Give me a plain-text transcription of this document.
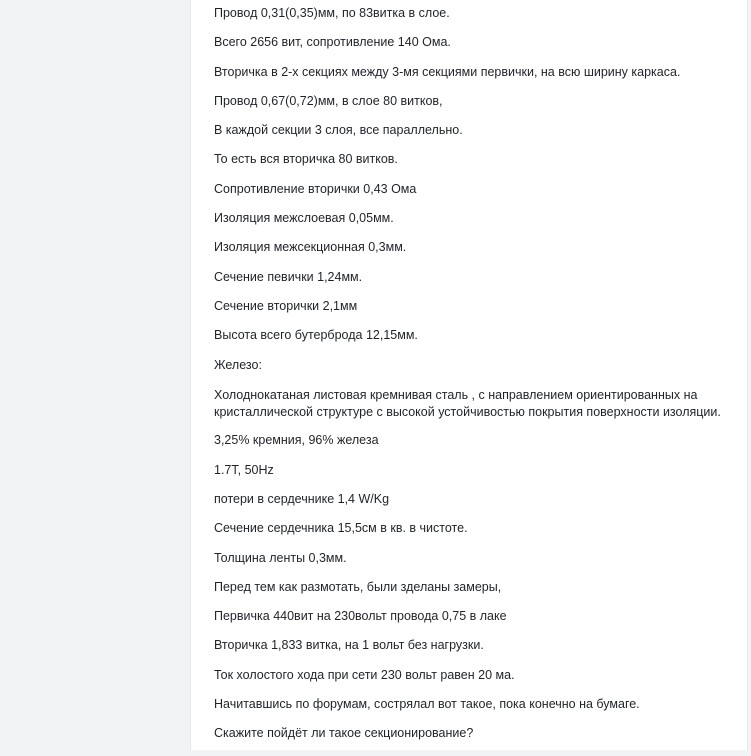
Провод 0,31(0,35)мм, по 83витка в слое.

Всего 2656 вит, сопротивление 140 Ома.

Вторичка в 2-х секциях между 3-мя секциями первички, на всю ширину каркаса.

Провод 0,67(0,72)мм, в слое 80 витков,

В каждой секции 3 слоя, все параллельно.

То есть вся вторичка 80 витков.

Сопротивление вторички 0,43 Ома

Изоляция межслоевая 0,05мм.

Изоляция межсекционная 0,3мм.

Сечение певички 1,24мм.

Сечение вторички 2,1мм

Высота всего бутерброда 12,15мм.

Железо:

Холоднокатаная листовая кремнивая сталь , с направлением ориентированных на кристаллической структуре с высокой устойчивостью покрытия поверхности изоляции.

3,25% кремния, 96% железа

1.7T, 50Hz

потери в сердечнике 1,4 W/Kg

Сечение сердечника 15,5см в кв. в чистоте.

Толщина ленты 0,3мм.

Перед тем как размотать, были зделаны замеры,

Первичка 440вит на 230вольт провода 0,75 в лаке

Вторичка 1,833 витка, на 1 вольт без нагрузки.

Ток холостого хода при сети 230 вольт равен 20 ма.

Начитавшись по форумам, сострялал вот такое, пока конечно на бумаге.

Скажите пойдёт ли такое секционирование?
